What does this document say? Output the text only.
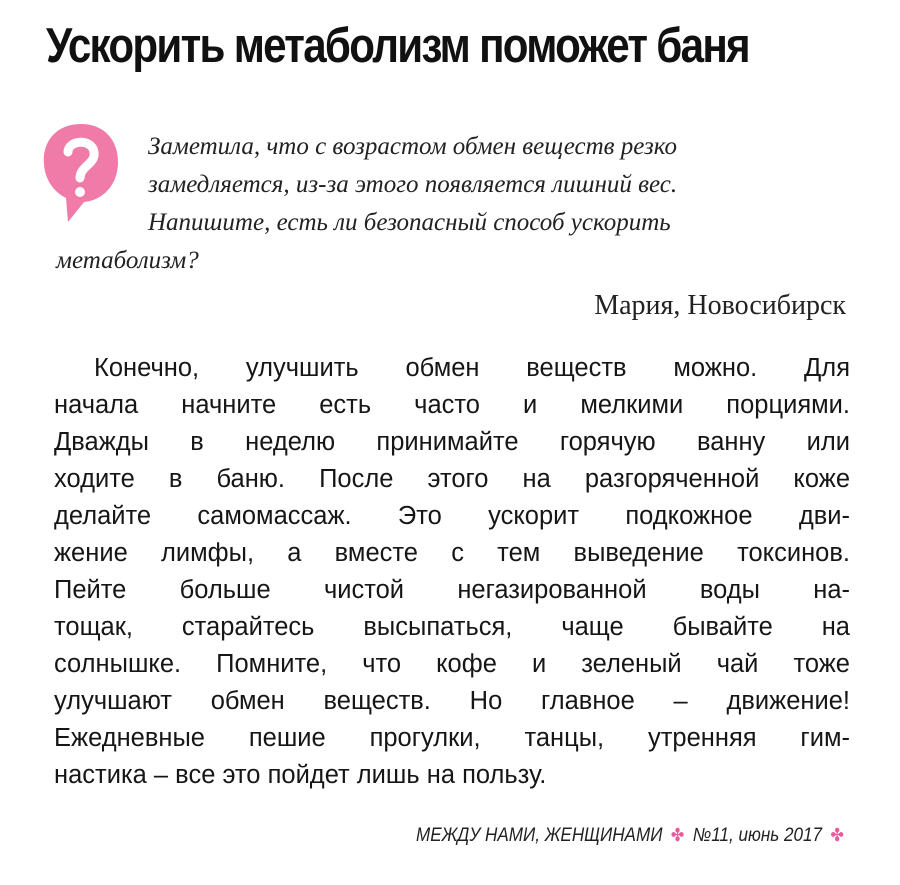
Ускорить метаболизм поможет баня

Заметила, что с возрастом обмен веществ резко

замедляется, из-за этого появляется лишний вес.

Напишите, есть ли безопасный способ ускорить

метаболизм?

Мария, Новосибирск
Конечно, улучшить обмен веществ можно. Для
начала начните есть часто и мелкими порциями.
Дважды в неделю принимайте горячую ванну или
ходите в баню. После этого на разгоряченной коже
делайте самомассаж. Это ускорит подкожное дви-
жение лимфы, а вместе с тем выведение токсинов.
Пейте больше чистой негазированной воды на-
тощак, старайтесь высыпаться, чаще бывайте на
солнышке. Помните, что кофе и зеленый чай тоже
улучшают обмен веществ. Но главное – движение!
Ежедневные пешие прогулки, танцы, утренняя гим-
настика – все это пойдет лишь на пользу.
МЕЖДУ НАМИ, ЖЕНЩИНАМИ ✤ №11, июнь 2017 ✤
